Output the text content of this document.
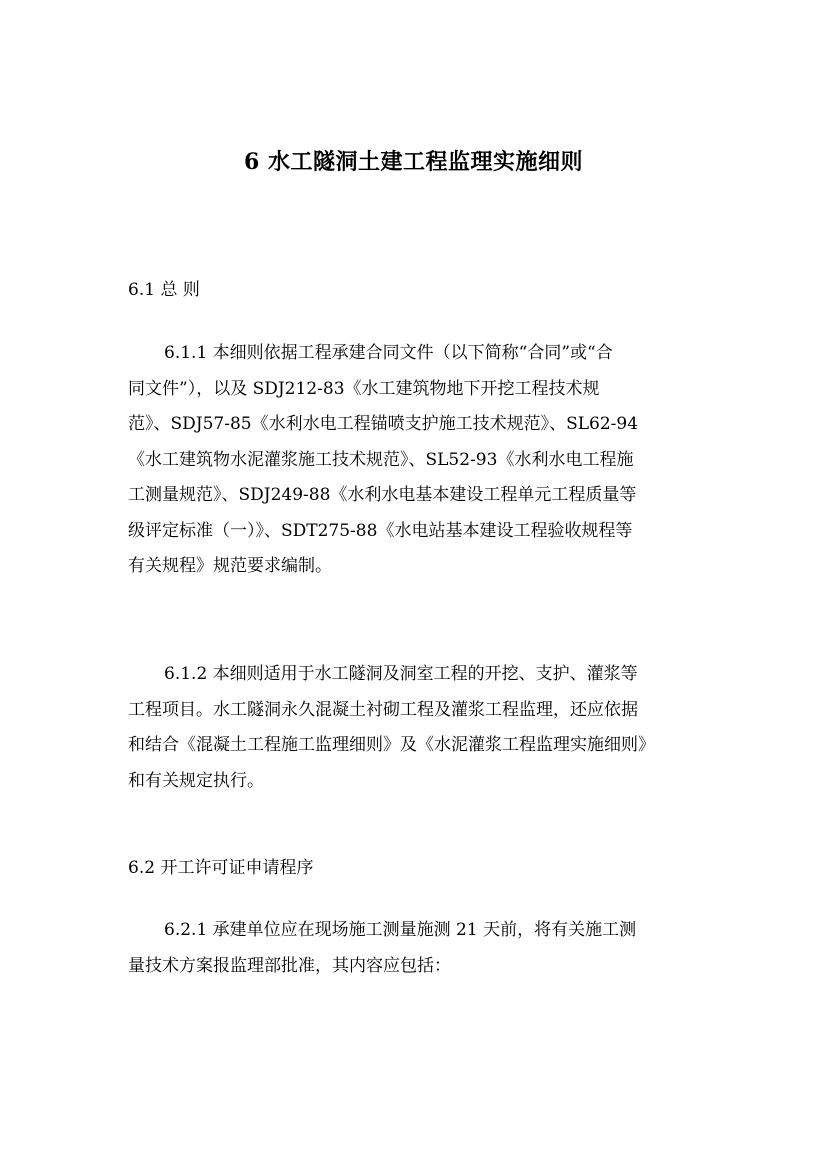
6 水工隧洞土建工程监理实施细则
6.1 总 则
6.1.1 本细则依据工程承建合同文件（以下简称“合同”或“合
同文件”），以及 SDJ212-83《水工建筑物地下开挖工程技术规
范》、SDJ57-85《水利水电工程锚喷支护施工技术规范》、SL62-94
《水工建筑物水泥灌浆施工技术规范》、SL52-93《水利水电工程施
工测量规范》、SDJ249-88《水利水电基本建设工程单元工程质量等
级评定标准（一）》、SDT275-88《水电站基本建设工程验收规程等
有关规程》规范要求编制。
6.1.2 本细则适用于水工隧洞及洞室工程的开挖、支护、灌浆等
工程项目。水工隧洞永久混凝土衬砌工程及灌浆工程监理，还应依据
和结合《混凝土工程施工监理细则》及《水泥灌浆工程监理实施细则》
和有关规定执行。
6.2 开工许可证申请程序
6.2.1 承建单位应在现场施工测量施测 21 天前，将有关施工测
量技术方案报监理部批准，其内容应包括：
